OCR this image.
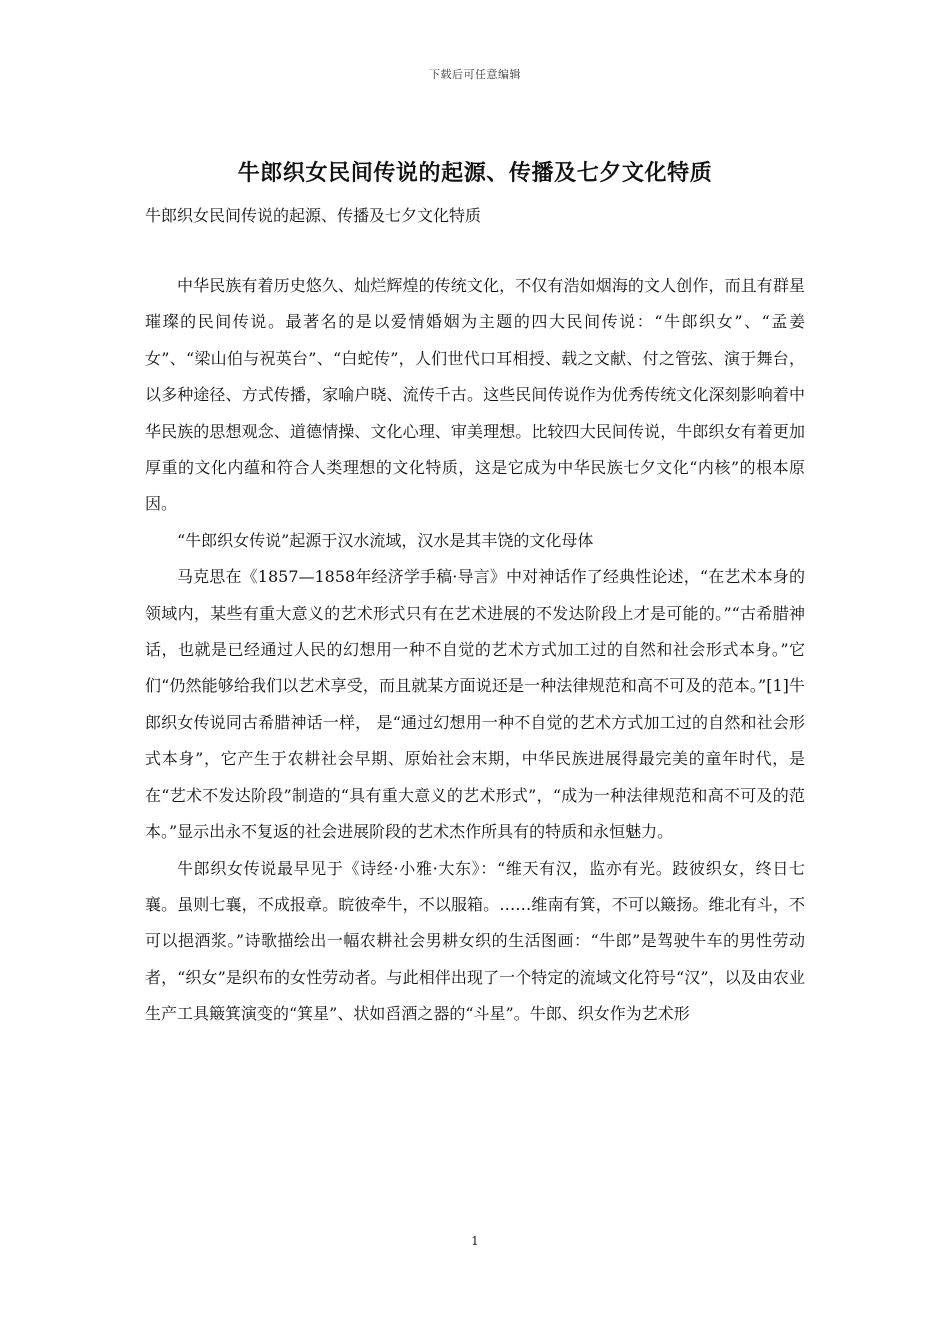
下载后可任意编辑
牛郎织女民间传说的起源、传播及七夕文化特质

牛郎织女民间传说的起源、传播及七夕文化特质

中华民族有着历史悠久、灿烂辉煌的传统文化，不仅有浩如烟海的文人创作，而且有群星璀璨的民间传说。最著名的是以爱情婚姻为主题的四大民间传说：“牛郎织女”、“孟姜女”、“梁山伯与祝英台”、“白蛇传”，人们世代口耳相授、载之文献、付之管弦、演于舞台，以多种途径、方式传播，家喻户晓、流传千古。这些民间传说作为优秀传统文化深刻影响着中华民族的思想观念、道德情操、文化心理、审美理想。比较四大民间传说，牛郎织女有着更加厚重的文化内蕴和符合人类理想的文化特质，这是它成为中华民族七夕文化“内核”的根本原因。

“牛郎织女传说”起源于汉水流域，汉水是其丰饶的文化母体

马克思在《1857—1858年经济学手稿·导言》中对神话作了经典性论述，“在艺术本身的领域内，某些有重大意义的艺术形式只有在艺术进展的不发达阶段上才是可能的。”“古希腊神话，也就是已经通过人民的幻想用一种不自觉的艺术方式加工过的自然和社会形式本身。”它们“仍然能够给我们以艺术享受，而且就某方面说还是一种法律规范和高不可及的范本。”[1]牛郎织女传说同古希腊神话一样， 是“通过幻想用一种不自觉的艺术方式加工过的自然和社会形式本身”，它产生于农耕社会早期、原始社会末期，中华民族进展得最完美的童年时代，是在“艺术不发达阶段”制造的“具有重大意义的艺术形式”，“成为一种法律规范和高不可及的范本。”显示出永不复返的社会进展阶段的艺术杰作所具有的特质和永恒魅力。

牛郎织女传说最早见于《诗经·小雅·大东》：“维天有汉，监亦有光。跂彼织女，终日七襄。虽则七襄，不成报章。睆彼牵牛，不以服箱。……维南有箕，不可以簸扬。维北有斗，不可以挹酒浆。”诗歌描绘出一幅农耕社会男耕女织的生活图画：“牛郎”是驾驶牛车的男性劳动者，“织女”是织布的女性劳动者。与此相伴出现了一个特定的流域文化符号“汉”，以及由农业生产工具簸箕演变的“箕星”、状如舀酒之器的“斗星”。牛郎、织女作为艺术形

1
